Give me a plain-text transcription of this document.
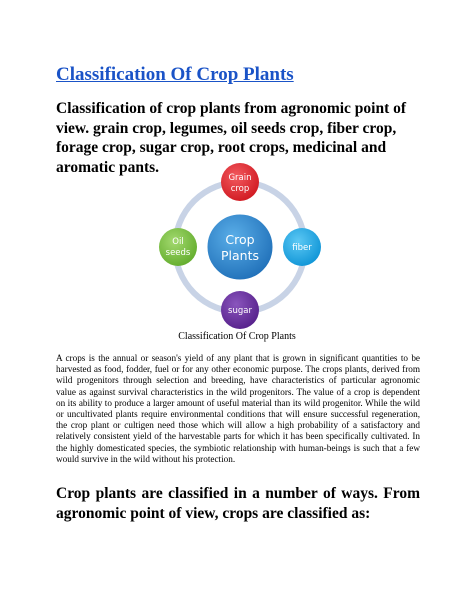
Classification Of Crop Plants
Classification of crop plants from agronomic point of view. grain crop, legumes, oil seeds crop, fiber crop, forage crop, sugar crop, root crops, medicinal and aromatic pants.
Crop
Plants
Grain
crop
fiber
sugar
Oil
seeds
Classification Of Crop Plants
A crops is the annual or season's yield of any plant that is grown in significant quantities to be harvested as food, fodder, fuel or for any other economic purpose. The crops plants, derived from wild progenitors through selection and breeding, have characteristics of particular agronomic value as against survival characteristics in the wild progenitors. The value of a crop is dependent on its ability to produce a larger amount of useful material than its wild progenitor. While the wild or uncultivated plants require environmental conditions that will ensure successful regeneration, the crop plant or cultigen need those which will allow a high probability of a satisfactory and relatively consistent yield of the harvestable parts for which it has been specifically cultivated. In the highly domesticated species, the symbiotic relationship with human-beings is such that a few would survive in the wild without his protection.
Crop plants are classified in a number of ways. From agronomic point of view, crops are classified as:
